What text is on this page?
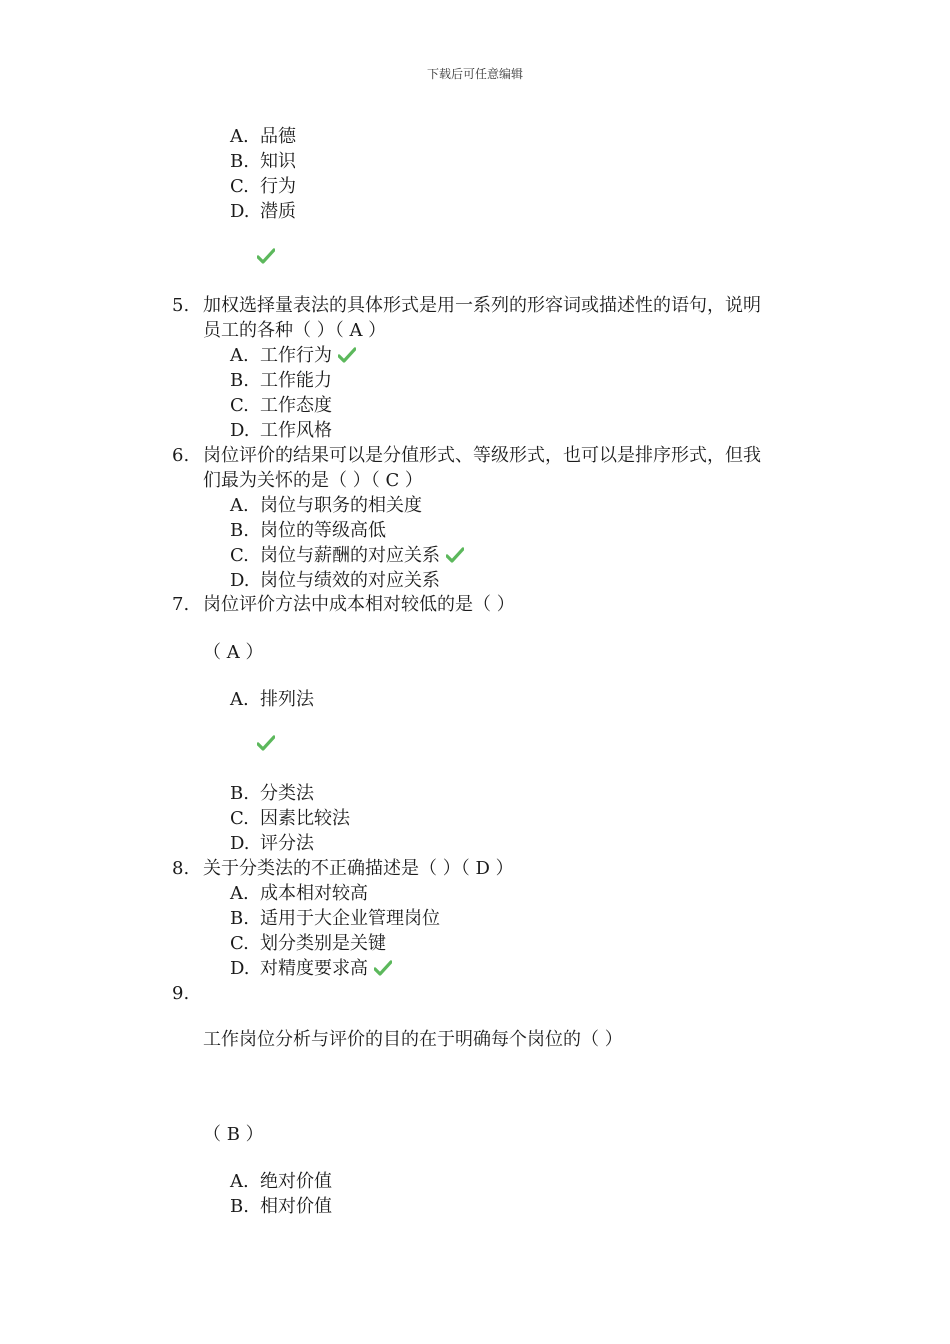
下载后可任意编辑
A. 品德
B. 知识
C. 行为
D. 潜质
5. 加权选择量表法的具体形式是用一系列的形容词或描述性的语句，说明
员工的各种（ ）（ A ）
A. 工作行为
B. 工作能力
C. 工作态度
D. 工作风格
6. 岗位评价的结果可以是分值形式、等级形式，也可以是排序形式，但我
们最为关怀的是（ ）（ C ）
A. 岗位与职务的相关度
B. 岗位的等级高低
C. 岗位与薪酬的对应关系
D. 岗位与绩效的对应关系
7. 岗位评价方法中成本相对较低的是（ ）
（ A ）
A. 排列法
B. 分类法
C. 因素比较法
D. 评分法
8. 关于分类法的不正确描述是（ ）（ D ）
A. 成本相对较高
B. 适用于大企业管理岗位
C. 划分类别是关键
D. 对精度要求高
9.
工作岗位分析与评价的目的在于明确每个岗位的（ ）
（ B ）
A. 绝对价值
B. 相对价值
